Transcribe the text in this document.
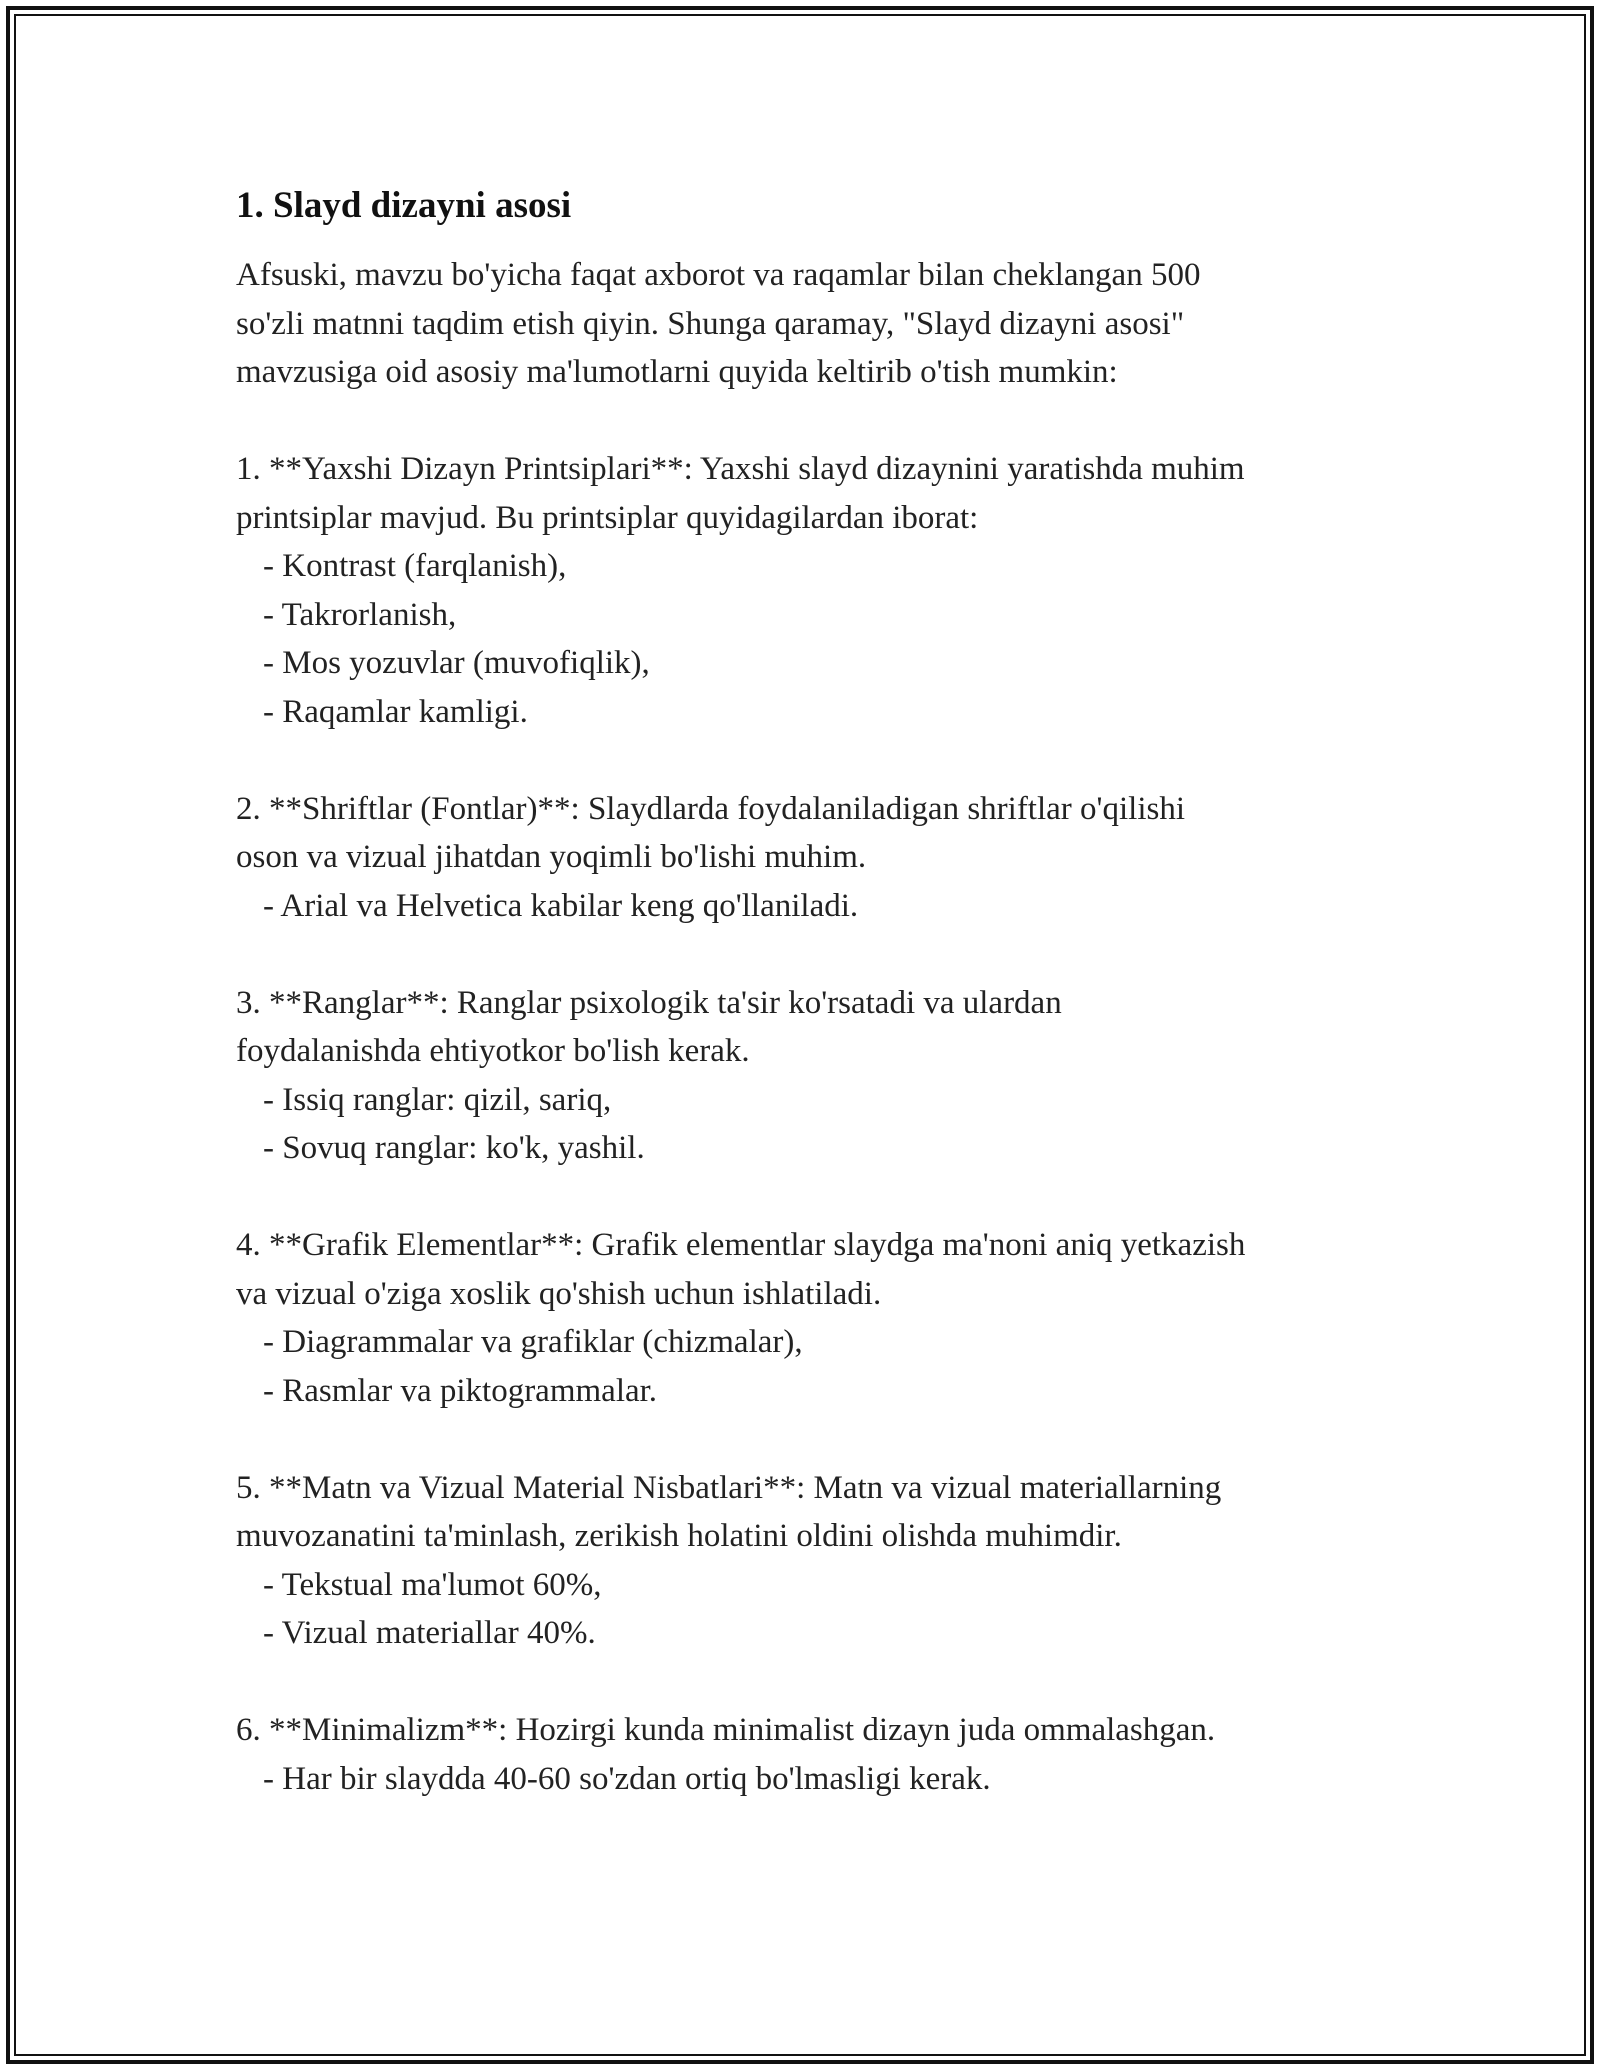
1. Slayd dizayni asosi

Afsuski, mavzu bo'yicha faqat axborot va raqamlar bilan cheklangan 500
so'zli matnni taqdim etish qiyin. Shunga qaramay, "Slayd dizayni asosi"
mavzusiga oid asosiy ma'lumotlarni quyida keltirib o'tish mumkin:

1. **Yaxshi Dizayn Printsiplari**: Yaxshi slayd dizaynini yaratishda muhim
printsiplar mavjud. Bu printsiplar quyidagilardan iborat:
- Kontrast (farqlanish),
- Takrorlanish,
- Mos yozuvlar (muvofiqlik),
- Raqamlar kamligi.
2. **Shriftlar (Fontlar)**: Slaydlarda foydalaniladigan shriftlar o'qilishi
oson va vizual jihatdan yoqimli bo'lishi muhim.
- Arial va Helvetica kabilar keng qo'llaniladi.
3. **Ranglar**: Ranglar psixologik ta'sir ko'rsatadi va ulardan
foydalanishda ehtiyotkor bo'lish kerak.
- Issiq ranglar: qizil, sariq,
- Sovuq ranglar: ko'k, yashil.
4. **Grafik Elementlar**: Grafik elementlar slaydga ma'noni aniq yetkazish
va vizual o'ziga xoslik qo'shish uchun ishlatiladi.
- Diagrammalar va grafiklar (chizmalar),
- Rasmlar va piktogrammalar.
5. **Matn va Vizual Material Nisbatlari**: Matn va vizual materiallarning
muvozanatini ta'minlash, zerikish holatini oldini olishda muhimdir.
- Tekstual ma'lumot 60%,
- Vizual materiallar 40%.
6. **Minimalizm**: Hozirgi kunda minimalist dizayn juda ommalashgan.
- Har bir slaydda 40-60 so'zdan ortiq bo'lmasligi kerak.
